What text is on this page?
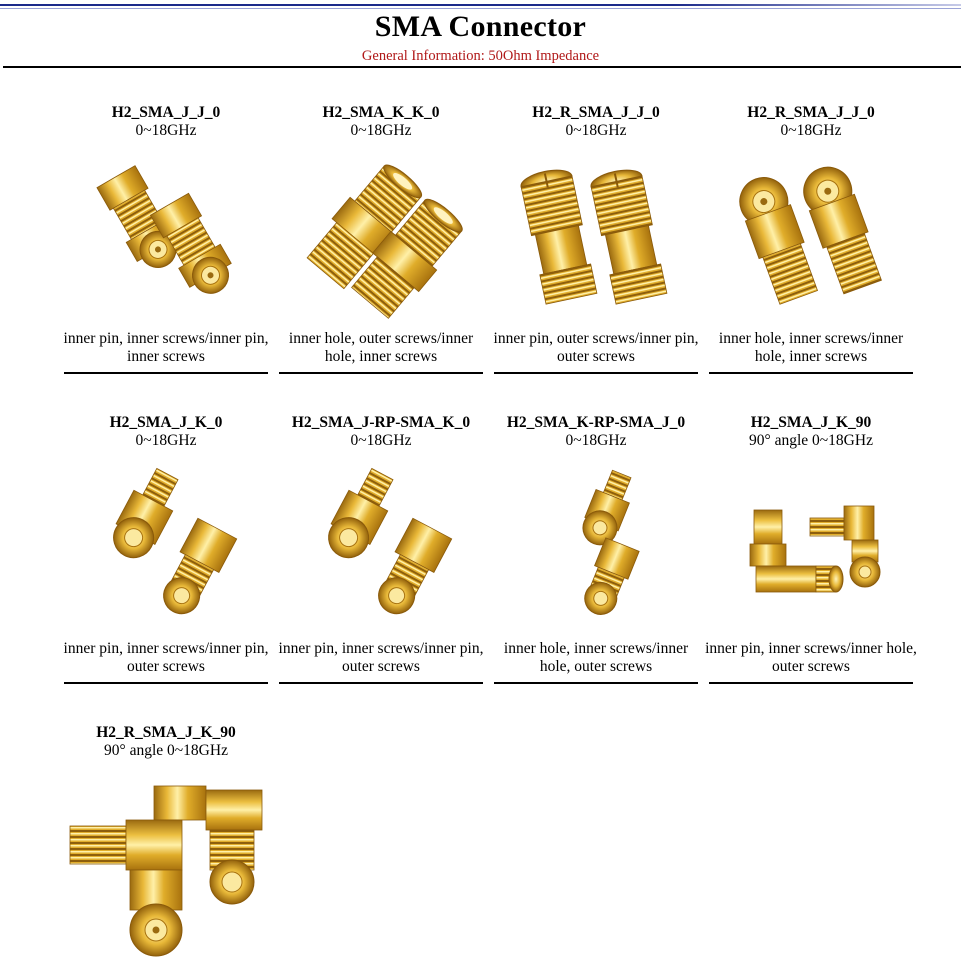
SMA Connector
General Information: 50Ohm Impedance
H2_SMA_J_J_0
0~18GHz
inner pin, inner screws/inner pin, inner screws
H2_SMA_K_K_0
0~18GHz
inner hole, outer screws/inner hole, inner screws
H2_R_SMA_J_J_0
0~18GHz
inner pin, outer screws/inner pin, outer screws
H2_R_SMA_J_J_0
0~18GHz
inner hole, inner screws/inner hole, inner screws
H2_SMA_J_K_0
0~18GHz
inner pin, inner screws/inner pin, outer screws
H2_SMA_J-RP-SMA_K_0
0~18GHz
inner pin, inner screws/inner pin, outer screws
H2_SMA_K-RP-SMA_J_0
0~18GHz
inner hole, inner screws/inner hole, outer screws
H2_SMA_J_K_90
90° angle 0~18GHz
inner pin, inner screws/inner hole, outer screws
H2_R_SMA_J_K_90
90° angle 0~18GHz
